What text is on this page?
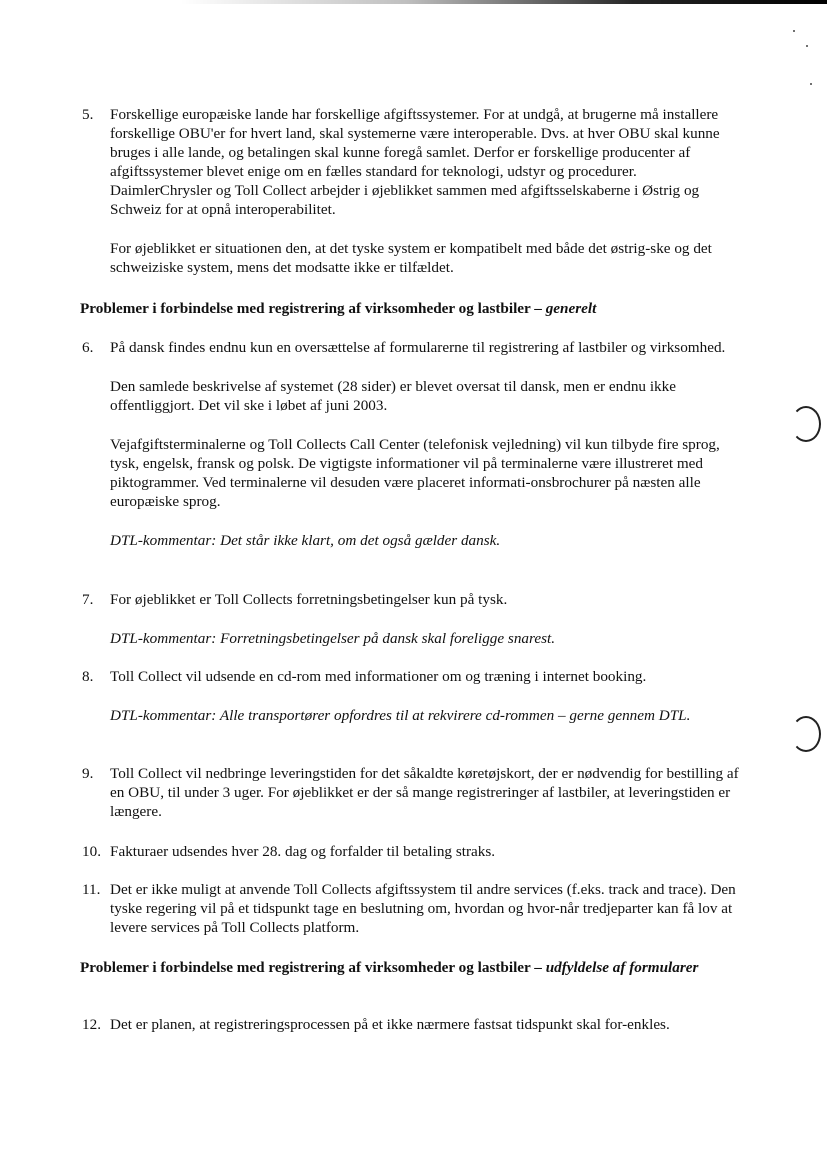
5. Forskellige europæiske lande har forskellige afgiftssystemer. For at undgå, at brugerne må installere forskellige OBU'er for hvert land, skal systemerne være interoperable. Dvs. at hver OBU skal kunne bruges i alle lande, og betalingen skal kunne foregå samlet. Derfor er forskellige producenter af afgiftssystemer blevet enige om en fælles standard for teknologi, udstyr og procedurer. DaimlerChrysler og Toll Collect arbejder i øjeblikket sammen med afgiftsselskaberne i Østrig og Schweiz for at opnå interoperabilitet.

For øjeblikket er situationen den, at det tyske system er kompatibelt med både det østrig-ske og det schweiziske system, mens det modsatte ikke er tilfældet.

Problemer i forbindelse med registrering af virksomheder og lastbiler – generelt
6. På dansk findes endnu kun en oversættelse af formularerne til registrering af lastbiler og virksomhed.

Den samlede beskrivelse af systemet (28 sider) er blevet oversat til dansk, men er endnu ikke offentliggjort. Det vil ske i løbet af juni 2003.

Vejafgiftsterminalerne og Toll Collects Call Center (telefonisk vejledning) vil kun tilbyde fire sprog, tysk, engelsk, fransk og polsk. De vigtigste informationer vil på terminalerne være illustreret med piktogrammer. Ved terminalerne vil desuden være placeret informati-onsbrochurer på næsten alle europæiske sprog.

DTL-kommentar: Det står ikke klart, om det også gælder dansk.

7. For øjeblikket er Toll Collects forretningsbetingelser kun på tysk.

DTL-kommentar: Forretningsbetingelser på dansk skal foreligge snarest.

8. Toll Collect vil udsende en cd-rom med informationer om og træning i internet booking.

DTL-kommentar: Alle transportører opfordres til at rekvirere cd-rommen – gerne gennem DTL.

9. Toll Collect vil nedbringe leveringstiden for det såkaldte køretøjskort, der er nødvendig for bestilling af en OBU, til under 3 uger. For øjeblikket er der så mange registreringer af lastbiler, at leveringstiden er længere.

10. Fakturaer udsendes hver 28. dag og forfalder til betaling straks.

11. Det er ikke muligt at anvende Toll Collects afgiftssystem til andre services (f.eks. track and trace). Den tyske regering vil på et tidspunkt tage en beslutning om, hvordan og hvor-når tredjeparter kan få lov at levere services på Toll Collects platform.

Problemer i forbindelse med registrering af virksomheder og lastbiler – udfyldelse af formularer
12. Det er planen, at registreringsprocessen på et ikke nærmere fastsat tidspunkt skal for-enkles.
